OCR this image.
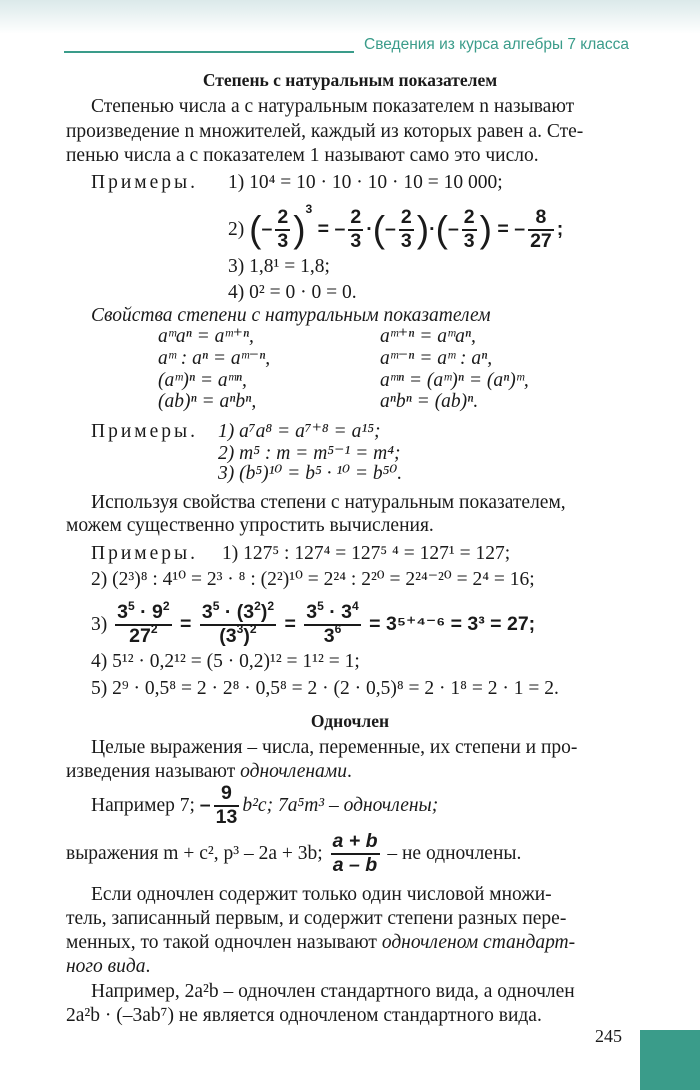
Сведения из курса алгебры 7 класса
Степень с натуральным показателем
Степенью числа a с натуральным показателем n называют
произведение n множителей, каждый из которых равен a. Сте-
пенью числа a с показателем 1 называют само это число.
Примеры. 1) 10⁴ = 10 · 10 · 10 · 10 = 10 000;
2) (– $\frac{2}{3} )^3$ = – $\frac{2}{3}$ ·(– $\frac{2}{3}$ )·(– $\frac{2}{3}$ ) = – $\frac{8}{27}$ ;
3) 1,8¹ = 1,8;
4) 0² = 0 · 0 = 0.
Свойства степени с натуральным показателем
aᵐaⁿ = aᵐ⁺ⁿ,
aᵐ : aⁿ = aᵐ⁻ⁿ,
(aᵐ)ⁿ = aᵐⁿ,
(ab)ⁿ = aⁿbⁿ,
aᵐ⁺ⁿ = aᵐaⁿ,
aᵐ⁻ⁿ = aᵐ : aⁿ,
aᵐⁿ = (aᵐ)ⁿ = (aⁿ)ᵐ,
aⁿbⁿ = (ab)ⁿ.
Примеры. 1) a⁷a⁸ = a⁷⁺⁸ = a¹⁵;
2) m⁵ : m = m⁵⁻¹ = m⁴;
3) (b⁵)¹⁰ = b⁵ · ¹⁰ = b⁵⁰.
Используя свойства степени с натуральным показателем,
можем существенно упростить вычисления.
Примеры. 1) 127⁵ : 127⁴ = 127⁵ ⁴ = 127¹ = 127;
2) (2³)⁸ : 4¹⁰ = 2³ · ⁸ : (2²)¹⁰ = 2²⁴ : 2²⁰ = 2²⁴⁻²⁰ = 2⁴ = 16;
$3) \frac{3^5 \cdot 9^2}{27^2} = \frac{3^5 \cdot (3^2)^2}{(3^3)^2} = \frac{3^5 \cdot 3^4}{3^6} = 3^{5+4-6} = 3^3 = 27$;
4) 5¹² · 0,2¹² = (5 · 0,2)¹² = 1¹² = 1;
5) 2⁹ · 0,5⁸ = 2 · 2⁸ · 0,5⁸ = 2 · (2 · 0,5)⁸ = 2 · 1⁸ = 2 · 1 = 2.
Одночлен
Целые выражения – числа, переменные, их степени и про-
изведения называют одночленами.
Например 7; – $\frac{9}{13} b^2c$; 7a⁵m³ – одночлены;
выражения m + c², p³ – 2a + 3b; $\frac{a + b}{a - b}$ – не одночлены.
Если одночлен содержит только один числовой множи-
тель, записанный первым, и содержит степени разных пере-
менных, то такой одночлен называют одночленом стандарт-
ного вида.
Например, 2a²b – одночлен стандартного вида, а одночлен
2a²b · (–3ab⁷) не является одночленом стандартного вида.
245
